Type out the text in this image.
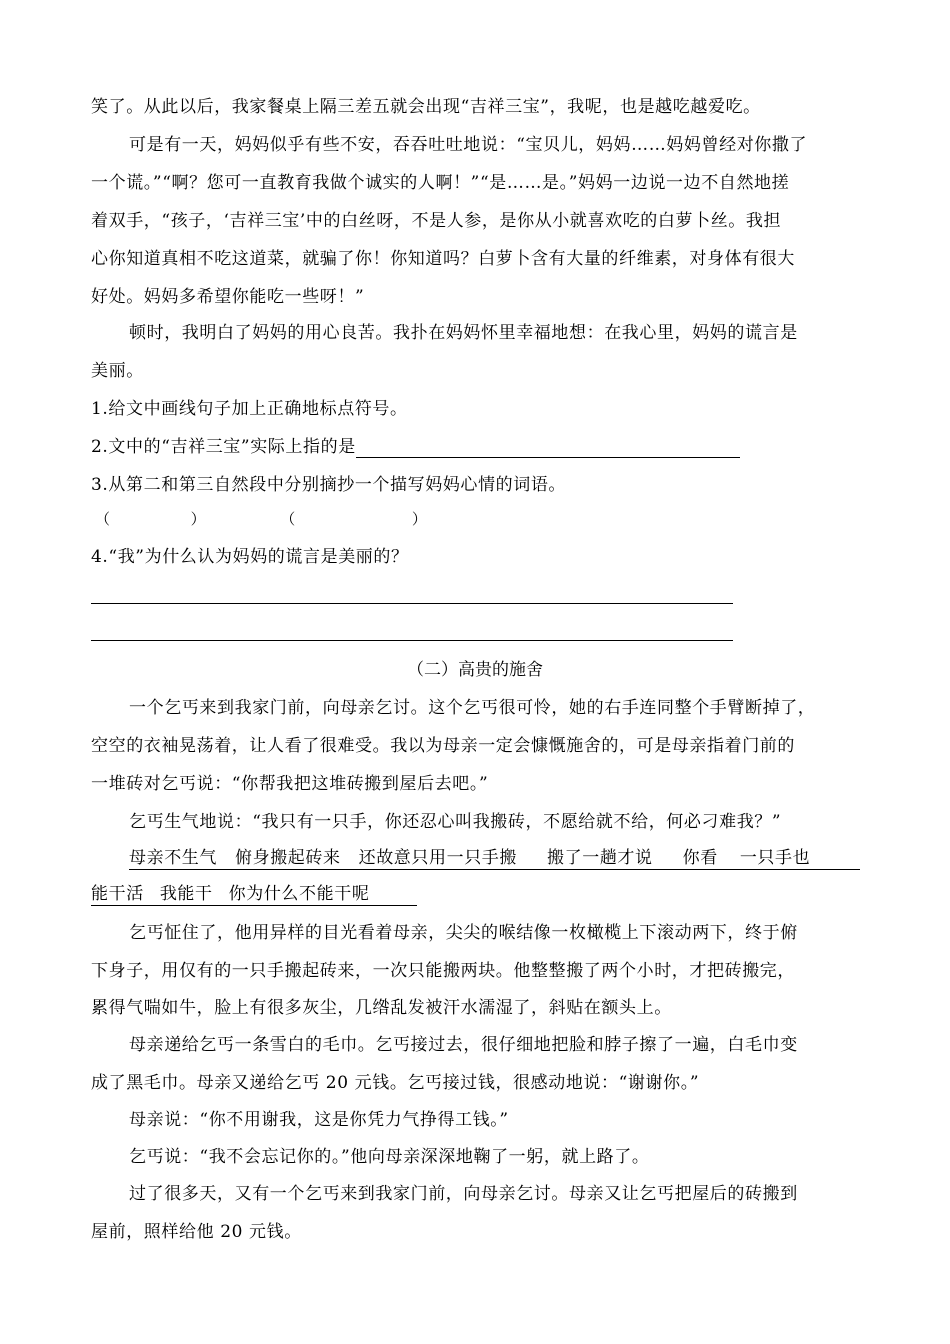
笑了。从此以后，我家餐桌上隔三差五就会出现“吉祥三宝”，我呢，也是越吃越爱吃。
可是有一天，妈妈似乎有些不安，吞吞吐吐地说：“宝贝儿，妈妈……妈妈曾经对你撒了
一个谎。”“啊？您可一直教育我做个诚实的人啊！”“是……是。”妈妈一边说一边不自然地搓
着双手，“孩子，‘吉祥三宝’中的白丝呀，不是人参，是你从小就喜欢吃的白萝卜丝。我担
心你知道真相不吃这道菜，就骗了你！你知道吗？白萝卜含有大量的纤维素，对身体有很大
好处。妈妈多希望你能吃一些呀！”
顿时，我明白了妈妈的用心良苦。我扑在妈妈怀里幸福地想：在我心里，妈妈的谎言是
美丽。
1.给文中画线句子加上正确地标点符号。
2.文中的“吉祥三宝”实际上指的是
3.从第二和第三自然段中分别摘抄一个描写妈妈心情的词语。
（	）	（	）
4.“我”为什么认为妈妈的谎言是美丽的？
（二）高贵的施舍
一个乞丐来到我家门前，向母亲乞讨。这个乞丐很可怜，她的右手连同整个手臂断掉了，
空空的衣袖晃荡着，让人看了很难受。我以为母亲一定会慷慨施舍的，可是母亲指着门前的
一堆砖对乞丐说：“你帮我把这堆砖搬到屋后去吧。”
乞丐生气地说：“我只有一只手，你还忍心叫我搬砖，不愿给就不给，何必刁难我？”
母亲不生气 俯身搬起砖来 还故意只用一只手搬 搬了一趟才说 你看 一只手也
能干活 我能干 你为什么不能干呢
乞丐怔住了，他用异样的目光看着母亲，尖尖的喉结像一枚橄榄上下滚动两下，终于俯
下身子，用仅有的一只手搬起砖来，一次只能搬两块。他整整搬了两个小时，才把砖搬完，
累得气喘如牛，脸上有很多灰尘，几绺乱发被汗水濡湿了，斜贴在额头上。
母亲递给乞丐一条雪白的毛巾。乞丐接过去，很仔细地把脸和脖子擦了一遍，白毛巾变
成了黑毛巾。母亲又递给乞丐 20 元钱。乞丐接过钱，很感动地说：“谢谢你。”
母亲说：“你不用谢我，这是你凭力气挣得工钱。”
乞丐说：“我不会忘记你的。”他向母亲深深地鞠了一躬，就上路了。
过了很多天，又有一个乞丐来到我家门前，向母亲乞讨。母亲又让乞丐把屋后的砖搬到
屋前，照样给他 20 元钱。
